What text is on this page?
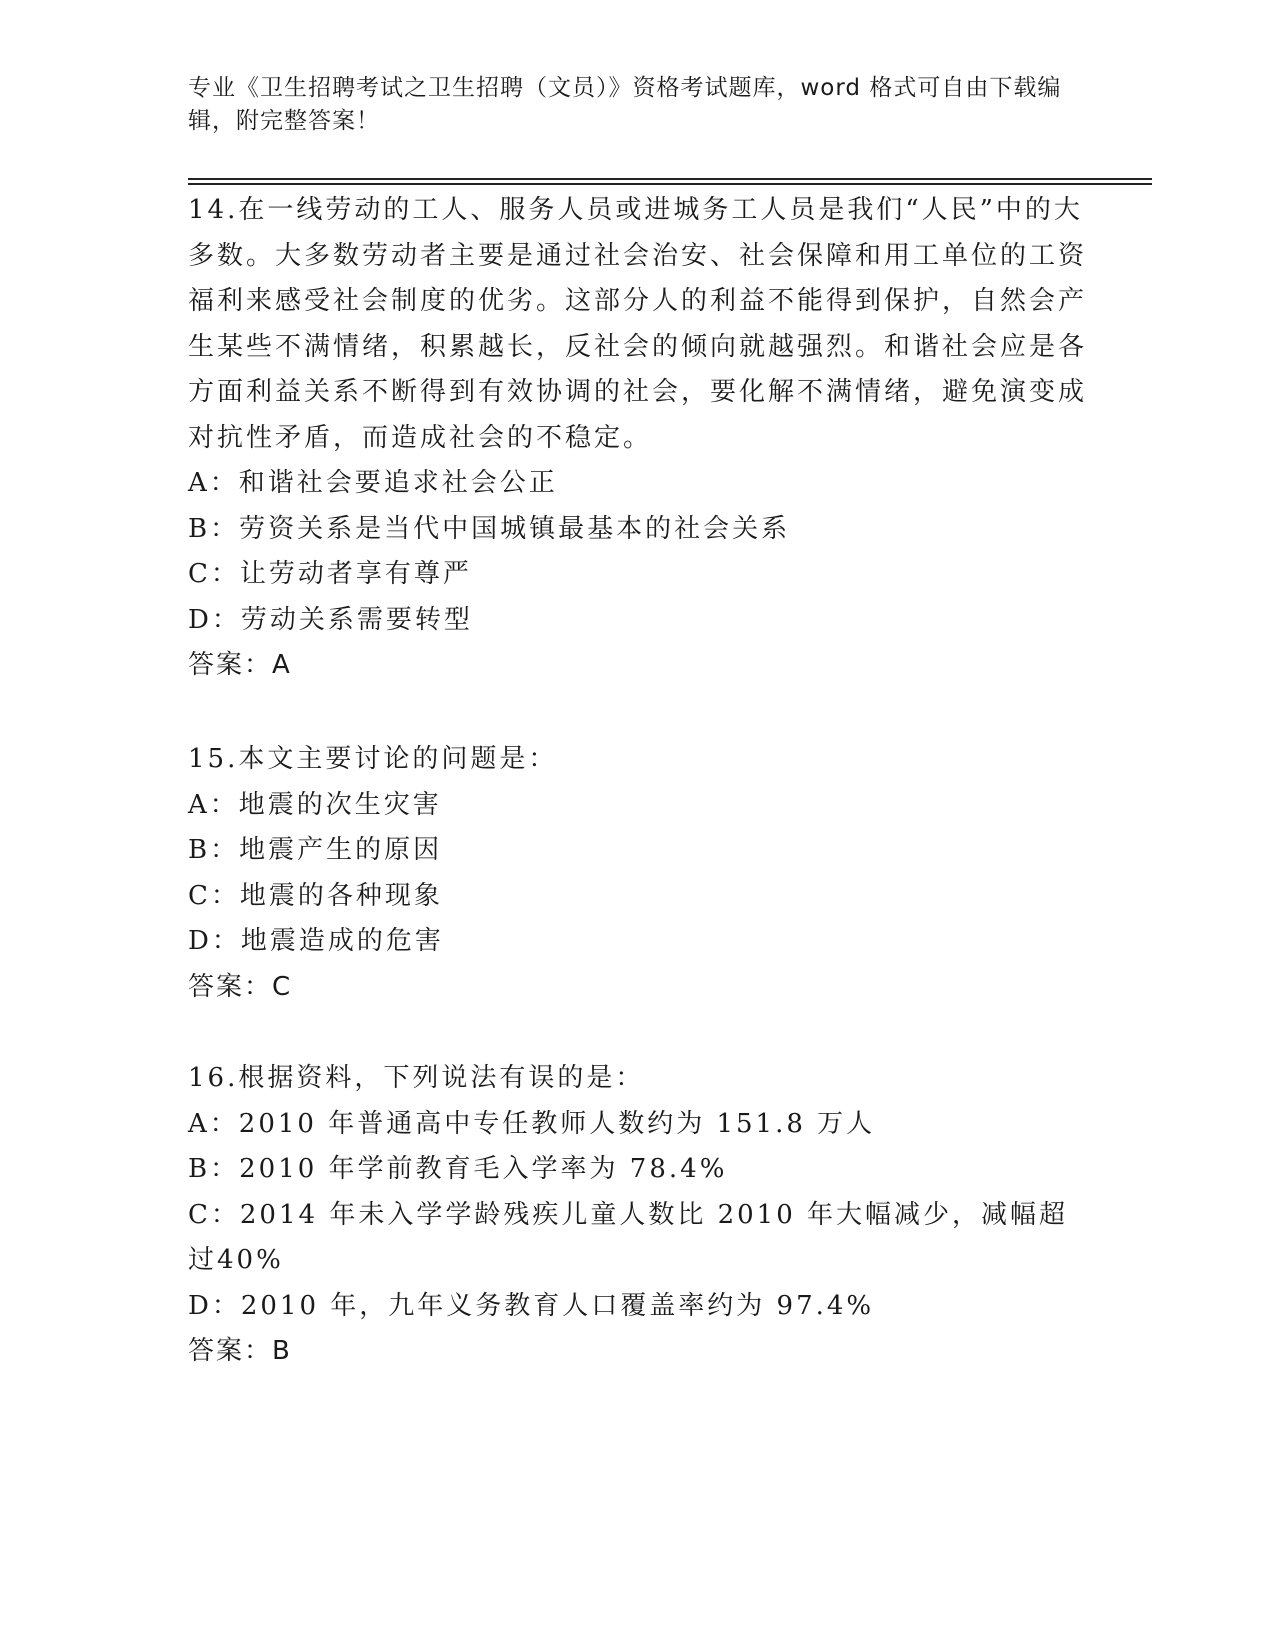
专业《卫生招聘考试之卫生招聘（文员）》资格考试题库，word 格式可自由下载编辑，附完整答案！

14.在一线劳动的工人、服务人员或进城务工人员是我们“人民”中的大多数。大多数劳动者主要是通过社会治安、社会保障和用工单位的工资福利来感受社会制度的优劣。这部分人的利益不能得到保护，自然会产生某些不满情绪，积累越长，反社会的倾向就越强烈。和谐社会应是各方面利益关系不断得到有效协调的社会，要化解不满情绪，避免演变成对抗性矛盾，而造成社会的不稳定。

A：和谐社会要追求社会公正

B：劳资关系是当代中国城镇最基本的社会关系

C：让劳动者享有尊严

D：劳动关系需要转型

答案：A

15.本文主要讨论的问题是：

A：地震的次生灾害

B：地震产生的原因

C：地震的各种现象

D：地震造成的危害

答案：C

16.根据资料，下列说法有误的是：

A：2010 年普通高中专任教师人数约为 151.8 万人

B：2010 年学前教育毛入学率为 78.4%

C：2014 年未入学学龄残疾儿童人数比 2010 年大幅减少，减幅超过40%

D：2010 年，九年义务教育人口覆盖率约为 97.4%

答案：B
